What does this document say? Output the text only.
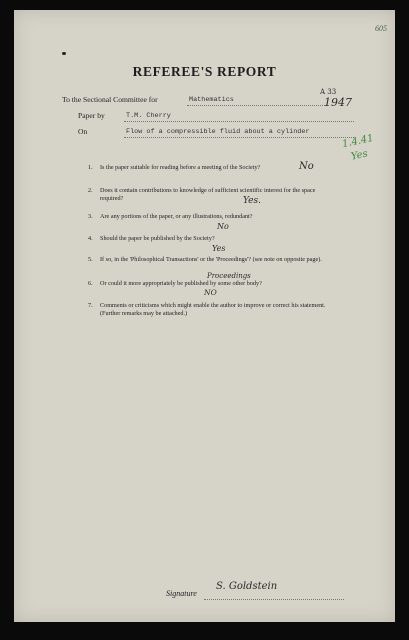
605
REFEREE'S REPORT
To the Sectional Committee for	Mathematics
A 33
1947
Paper by	T.M. Cherry
On	Flow of a compressible fluid about a cylinder
1.4.41
Yes
1.	Is the paper suitable for reading before a meeting of the Society?	No
2.	Does it contain contributions to knowledge of sufficient scientific interest for the space required?	Yes.
3.	Are any portions of the paper, or any illustrations, redundant?
No
4.	Should the paper be published by the Society?
Yes
5.	If so, in the 'Philosophical Transactions' or the 'Proceedings'? (see note on opposite page).
Proceedings
6.	Or could it more appropriately be published by some other body?
NO
7.	Comments or criticisms which might enable the author to improve or correct his statement. (Further remarks may be attached.)
Signature
S. Goldstein
